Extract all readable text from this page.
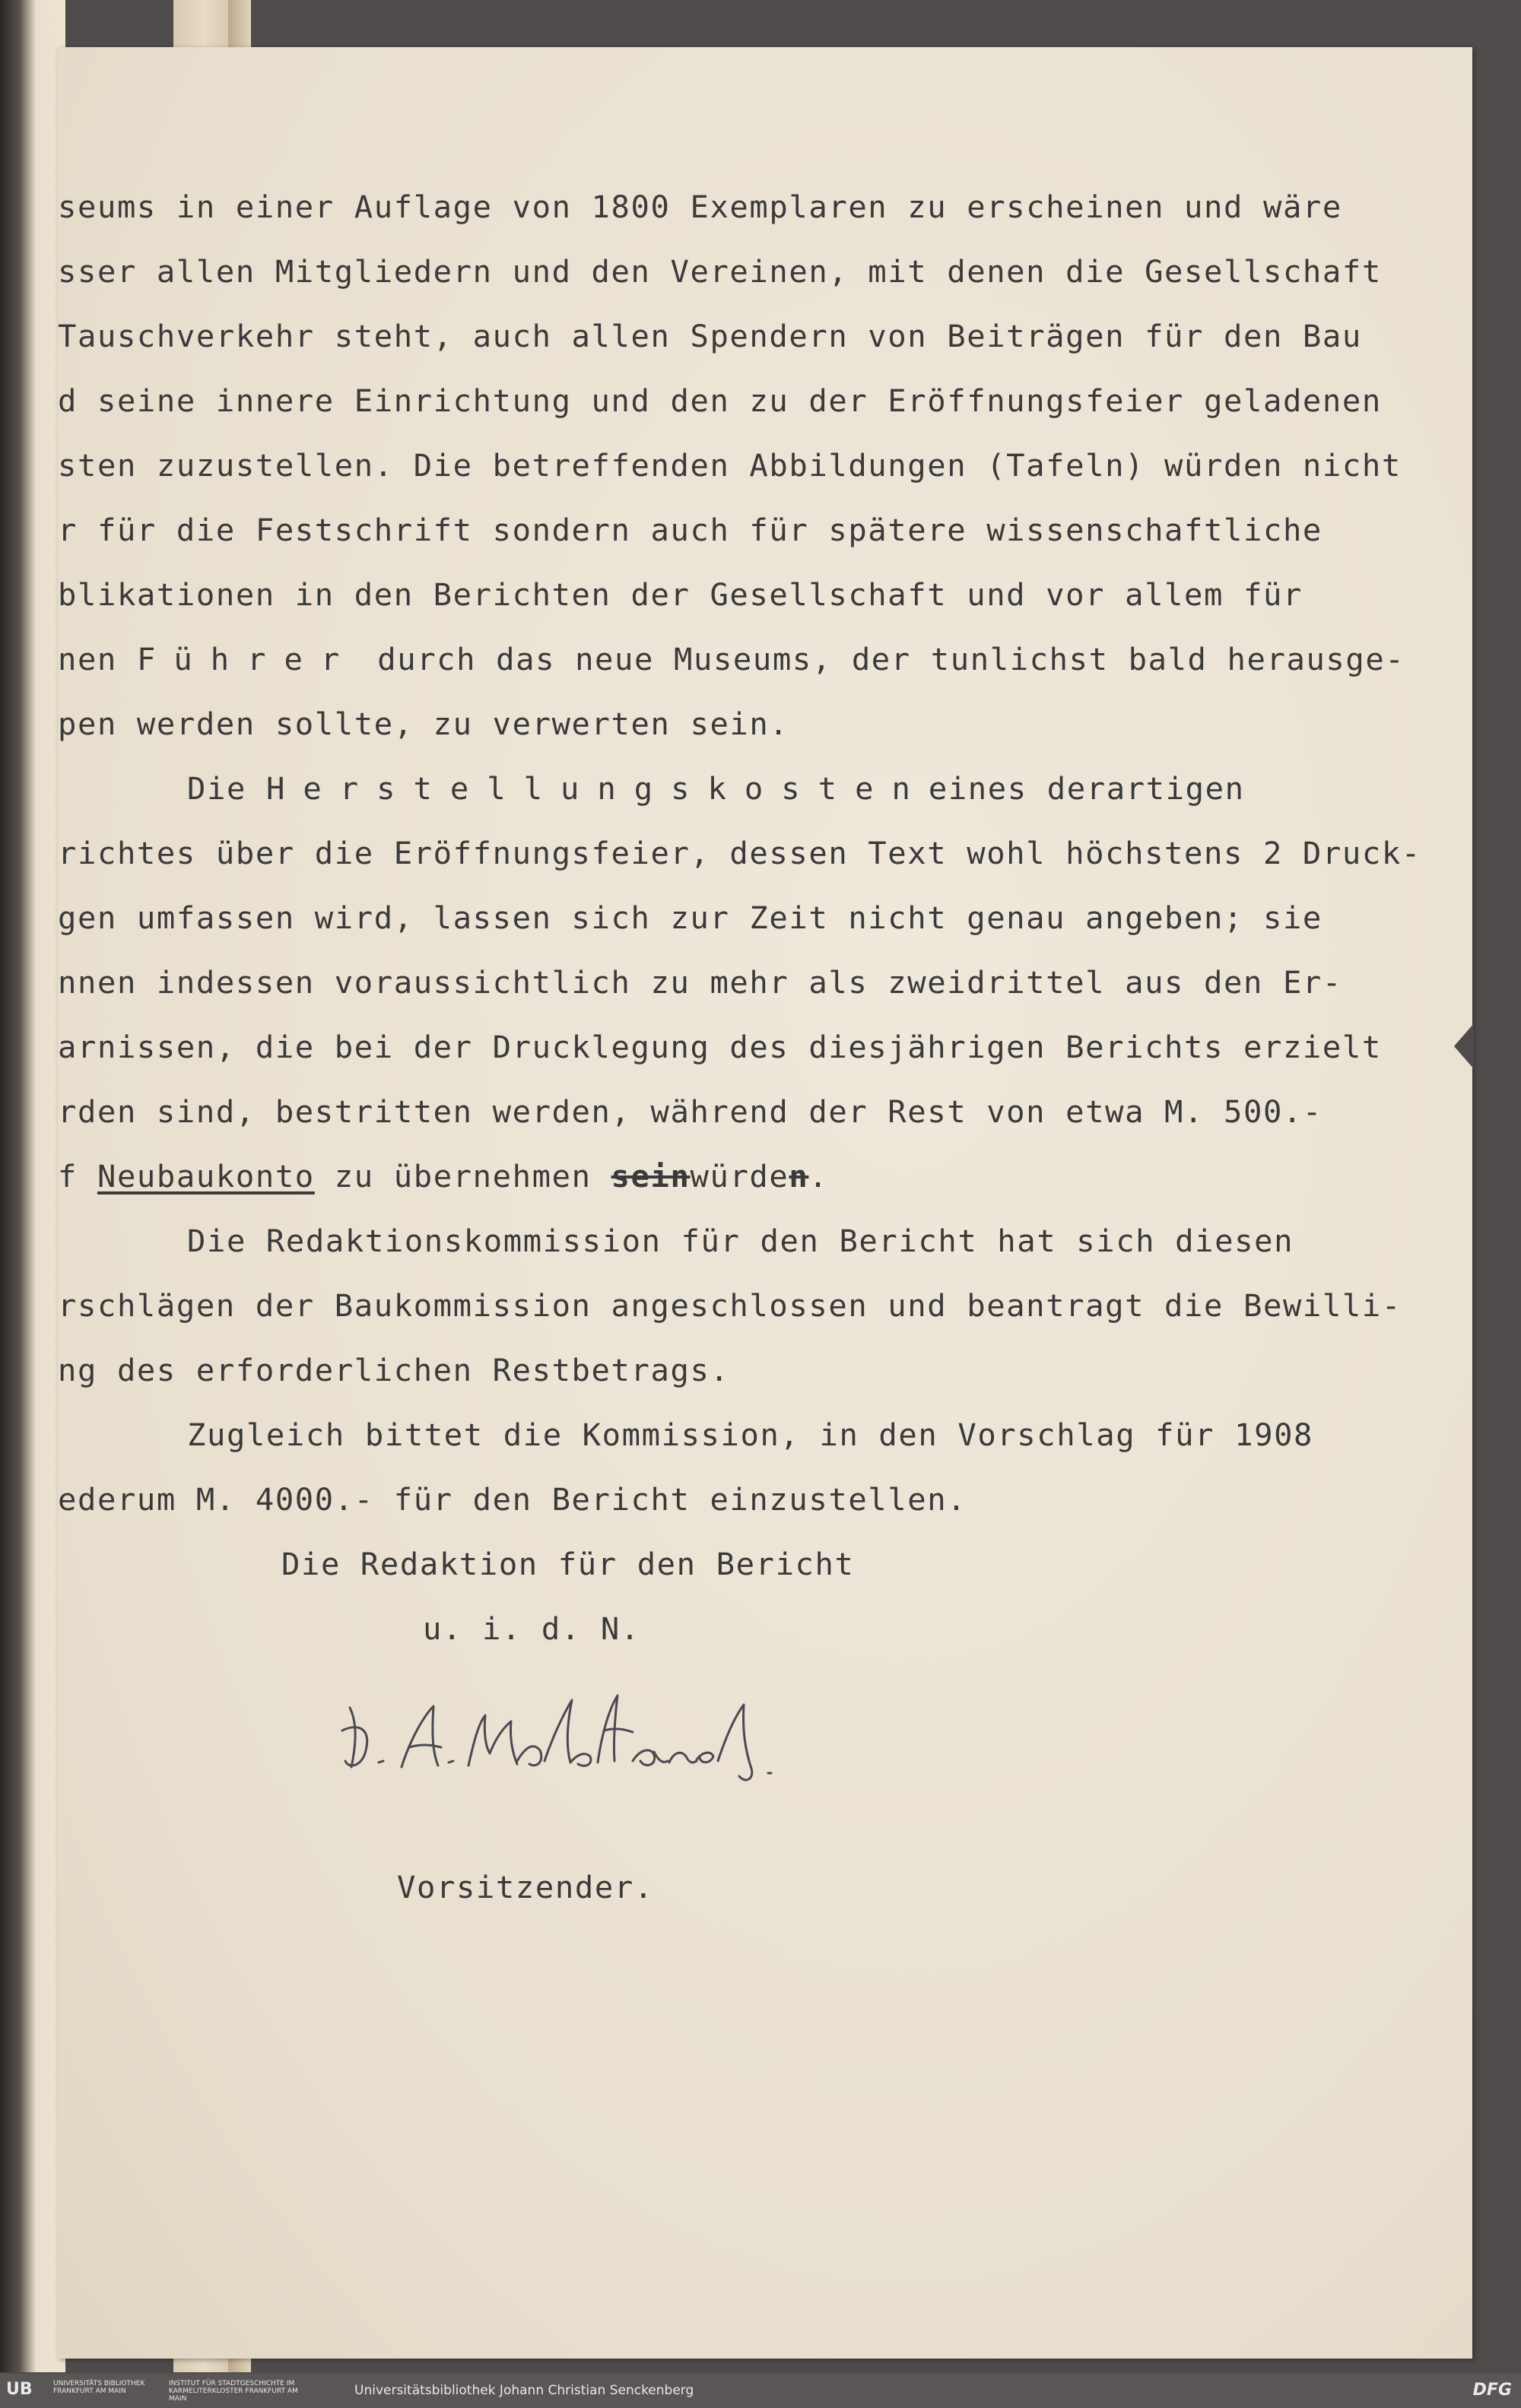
seums in einer Auflage von 1800 Exemplaren zu erscheinen und wäre
sser allen Mitgliedern und den Vereinen, mit denen die Gesellschaft
Tauschverkehr steht, auch allen Spendern von Beiträgen für den Bau
d seine innere Einrichtung und den zu der Eröffnungsfeier geladenen
sten zuzustellen. Die betreffenden Abbildungen (Tafeln) würden nicht
r für die Festschrift sondern auch für spätere wissenschaftliche
blikationen in den Berichten der Gesellschaft und vor allem für
nen Führer durch das neue Museums, der tunlichst bald herausge-
pen werden sollte, zu verwerten sein.
Die Herstellungskosteneines derartigen
richtes über die Eröffnungsfeier, dessen Text wohl höchstens 2 Druck-
gen umfassen wird, lassen sich zur Zeit nicht genau angeben; sie
nnen indessen voraussichtlich zu mehr als zweidrittel aus den Er-
arnissen, die bei der Drucklegung des diesjährigen Berichts erzielt
rden sind, bestritten werden, während der Rest von etwa M. 500.-
f Neubaukonto zu übernehmen seinwürden.
Die Redaktionskommission für den Bericht hat sich diesen
rschlägen der Baukommission angeschlossen und beantragt die Bewilli-
ng des erforderlichen Restbetrags.
Zugleich bittet die Kommission, in den Vorschlag für 1908
ederum M. 4000.- für den Bericht einzustellen.
Die Redaktion für den Bericht
u. i. d. N.
Vorsitzender.
UB	UNIVERSITÄTS BIBLIOTHEK FRANKFURT AM MAIN
INSTITUT FÜR STADTGESCHICHTE IM KARMELITERKLOSTER FRANKFURT AM MAIN
Universitätsbibliothek Johann Christian Senckenberg	DFG
